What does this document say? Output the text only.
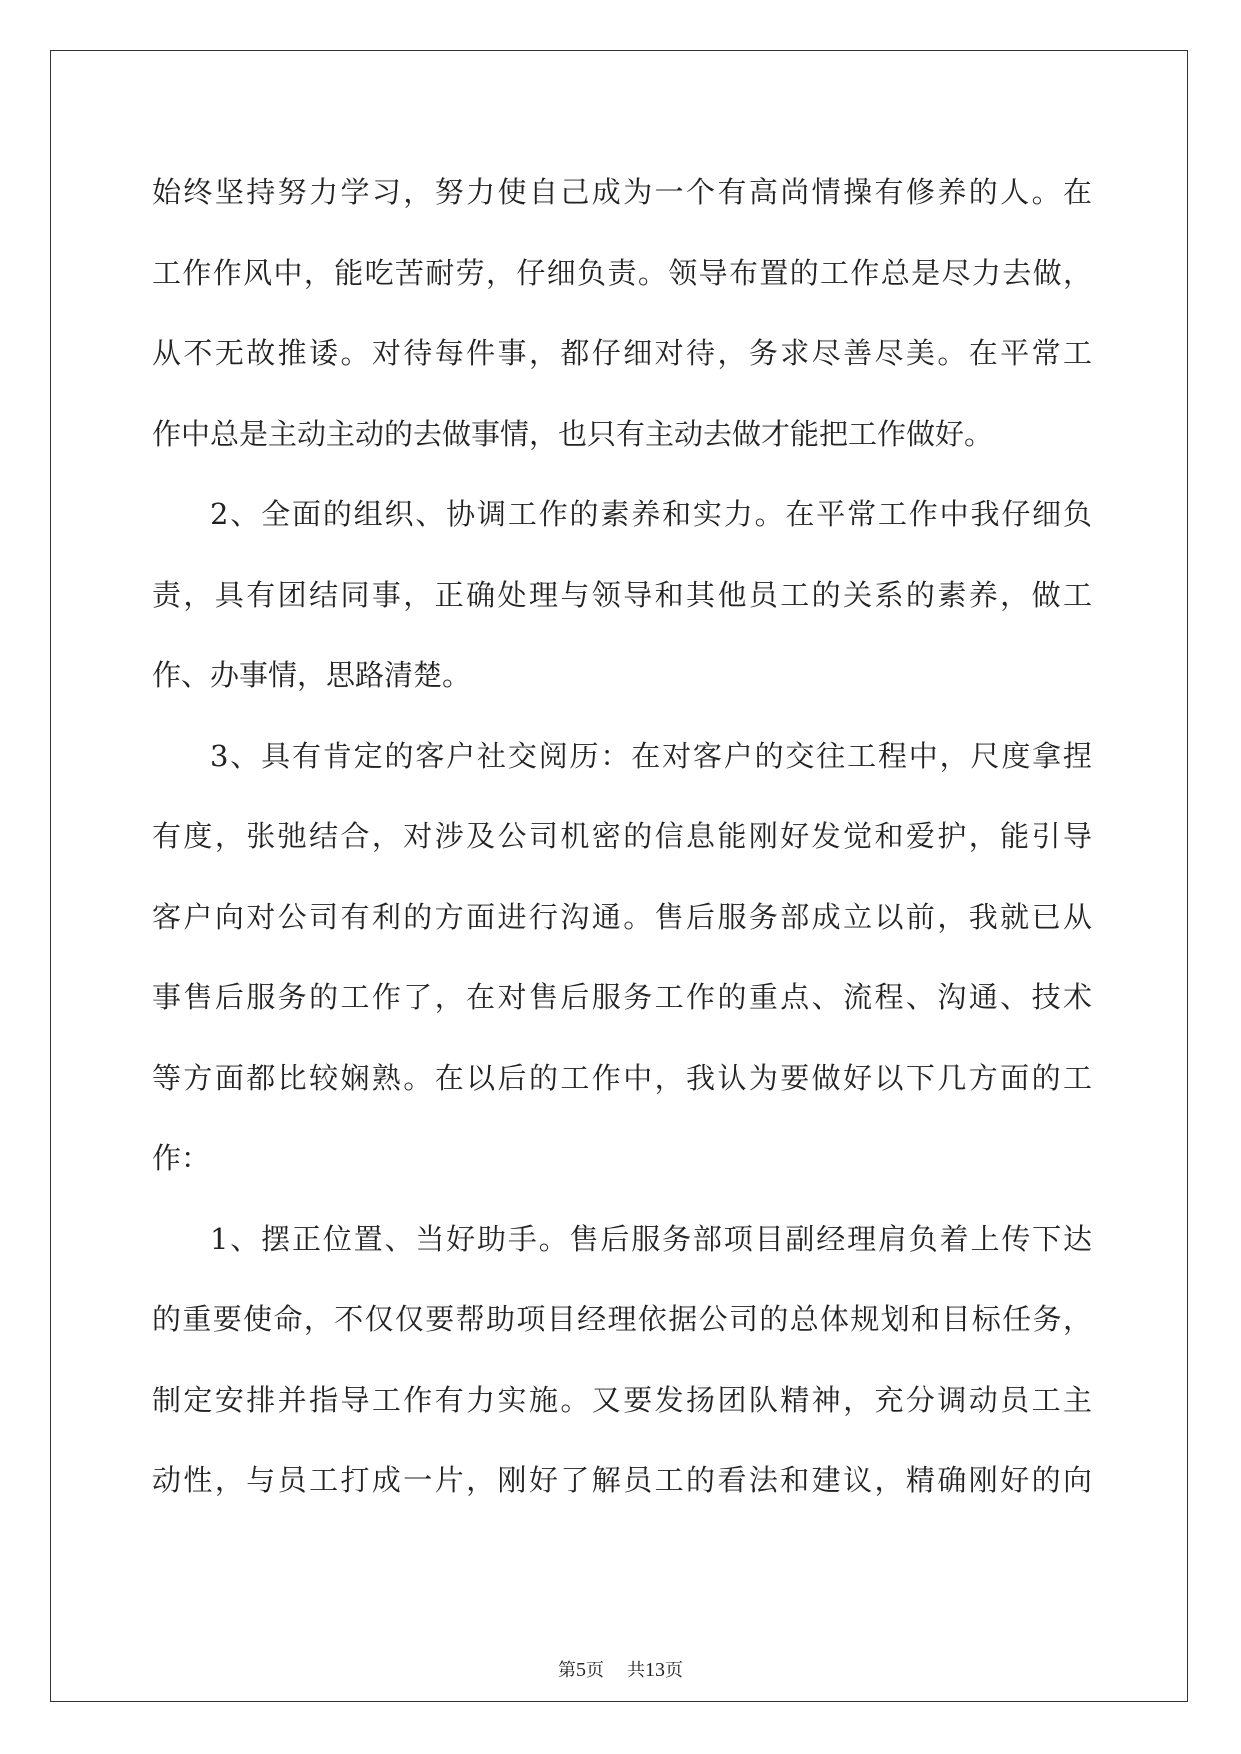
始终坚持努力学习，努力使自己成为一个有高尚情操有修养的人。在
工作作风中，能吃苦耐劳，仔细负责。领导布置的工作总是尽力去做，
从不无故推诿。对待每件事，都仔细对待，务求尽善尽美。在平常工
作中总是主动主动的去做事情，也只有主动去做才能把工作做好。
2、全面的组织、协调工作的素养和实力。在平常工作中我仔细负
责，具有团结同事，正确处理与领导和其他员工的关系的素养，做工
作、办事情，思路清楚。
3、具有肯定的客户社交阅历：在对客户的交往工程中，尺度拿捏
有度，张弛结合，对涉及公司机密的信息能刚好发觉和爱护，能引导
客户向对公司有利的方面进行沟通。售后服务部成立以前，我就已从
事售后服务的工作了，在对售后服务工作的重点、流程、沟通、技术
等方面都比较娴熟。在以后的工作中，我认为要做好以下几方面的工
作：
1、摆正位置、当好助手。售后服务部项目副经理肩负着上传下达
的重要使命，不仅仅要帮助项目经理依据公司的总体规划和目标任务，
制定安排并指导工作有力实施。又要发扬团队精神，充分调动员工主
动性，与员工打成一片，刚好了解员工的看法和建议，精确刚好的向
第5页 共13页
